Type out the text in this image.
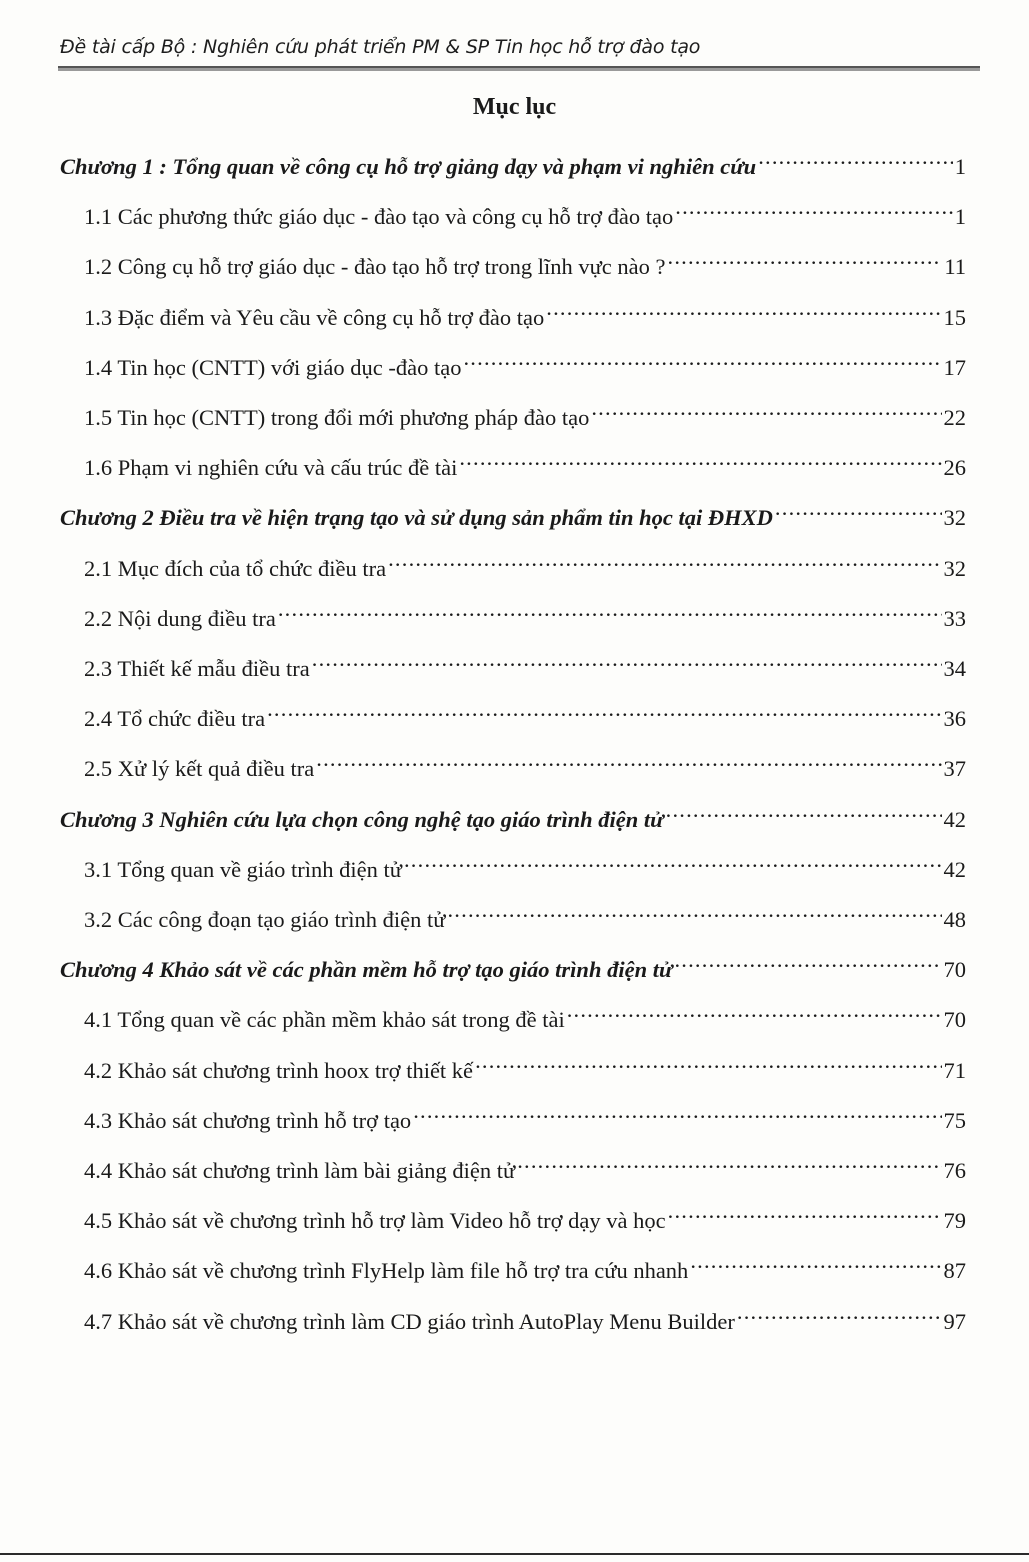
Đề tài cấp Bộ : Nghiên cứu phát triển PM & SP Tin học hỗ trợ đào tạo
Mục lục
Chương 1 : Tổng quan về công cụ hỗ trợ giảng dạy và phạm vi nghiên cứu .....	1
1.1 Các phương thức giáo dục - đào tạo và công cụ hỗ trợ đào tạo .....	1
1.2 Công cụ hỗ trợ giáo dục - đào tạo hỗ trợ trong lĩnh vực nào ? .....	11
1.3 Đặc điểm và Yêu cầu về công cụ hỗ trợ đào tạo .....	15
1.4 Tin học (CNTT) với giáo dục -đào tạo .....	17
1.5 Tin học (CNTT) trong đổi mới phương pháp đào tạo .....	22
1.6 Phạm vi nghiên cứu và cấu trúc đề tài .....	26
Chương 2 Điều tra về hiện trạng tạo và sử dụng sản phẩm tin học tại ĐHXD .....	32
2.1 Mục đích của tổ chức điều tra .....	32
2.2 Nội dung điều tra .....	33
2.3 Thiết kế mẫu điều tra .....	34
2.4 Tổ chức điều tra .....	36
2.5 Xử lý kết quả điều tra .....	37
Chương 3 Nghiên cứu lựa chọn công nghệ tạo giáo trình điện tử .....	42
3.1 Tổng quan về giáo trình điện tử .....	42
3.2 Các công đoạn tạo giáo trình điện tử .....	48
Chương 4 Khảo sát về các phần mềm hỗ trợ tạo giáo trình điện tử .....	70
4.1 Tổng quan về các phần mềm khảo sát trong đề tài .....	70
4.2 Khảo sát chương trình hoox trợ thiết kế .....	71
4.3 Khảo sát chương trình hỗ trợ tạo .....	75
4.4 Khảo sát chương trình làm bài giảng điện tử .....	76
4.5 Khảo sát về chương trình hỗ trợ làm Video hỗ trợ dạy và học .....	79
4.6 Khảo sát về chương trình FlyHelp làm file hỗ trợ tra cứu nhanh .....	87
4.7 Khảo sát về chương trình làm CD giáo trình AutoPlay Menu Builder .....	97
